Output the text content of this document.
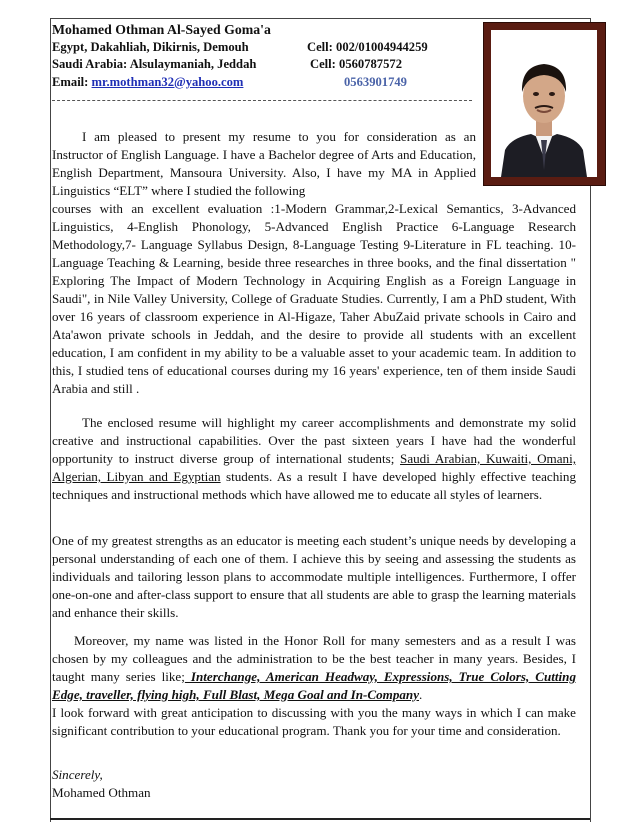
Mohamed Othman Al-Sayed Goma'a
Egypt, Dakahliah, Dikirnis, Demouh	Cell: 002/01004944259
Saudi Arabia: Alsulaymaniah, Jeddah	Cell: 0560787572
Email: mr.mothman32@yahoo.com	0563901749

I am pleased to present my resume to you for consideration as an Instructor of English Language. I have a Bachelor degree of Arts and Education, English Department, Mansoura University. Also, I have my MA in Applied Linguistics “ELT” where I studied the following

courses with an excellent evaluation :1-Modern Grammar,2-Lexical Semantics, 3-Advanced Linguistics, 4-English Phonology, 5-Advanced English Practice 6-Language Research Methodology,7- Language Syllabus Design, 8-Language Testing 9-Literature in FL teaching. 10-Language Teaching & Learning, beside three researches in three books, and the final dissertation " Exploring The Impact of Modern Technology in Acquiring English as a Foreign Language in Saudi", in Nile Valley University, College of Graduate Studies. Currently, I am a PhD student, With over 16 years of classroom experience in Al-Higaze, Taher AbuZaid private schools in Cairo and Ata'awon private schools in Jeddah, and the desire to provide all students with an excellent education, I am confident in my ability to be a valuable asset to your academic team. In addition to this, I studied tens of educational courses during my 16 years' experience, ten of them inside Saudi Arabia and still .

The enclosed resume will highlight my career accomplishments and demonstrate my solid creative and instructional capabilities. Over the past sixteen years I have had the wonderful opportunity to instruct diverse group of international students; Saudi Arabian, Kuwaiti, Omani, Algerian, Libyan and Egyptian students. As a result I have developed highly effective teaching techniques and instructional methods which have allowed me to educate all styles of learners.

One of my greatest strengths as an educator is meeting each student’s unique needs by developing a personal understanding of each one of them. I achieve this by seeing and assessing the students as individuals and tailoring lesson plans to accommodate multiple intelligences. Furthermore, I offer one-on-one and after-class support to ensure that all students are able to grasp the learning materials and enhance their skills.

Moreover, my name was listed in the Honor Roll for many semesters and as a result I was chosen by my colleagues and the administration to be the best teacher in many years. Besides, I taught many series like; Interchange, American Headway, Expressions, True Colors, Cutting Edge, traveller, flying high, Full Blast, Mega Goal and In-Company.

I look forward with great anticipation to discussing with you the many ways in which I can make significant contribution to your educational program. Thank you for your time and consideration.

Sincerely,
Mohamed Othman
